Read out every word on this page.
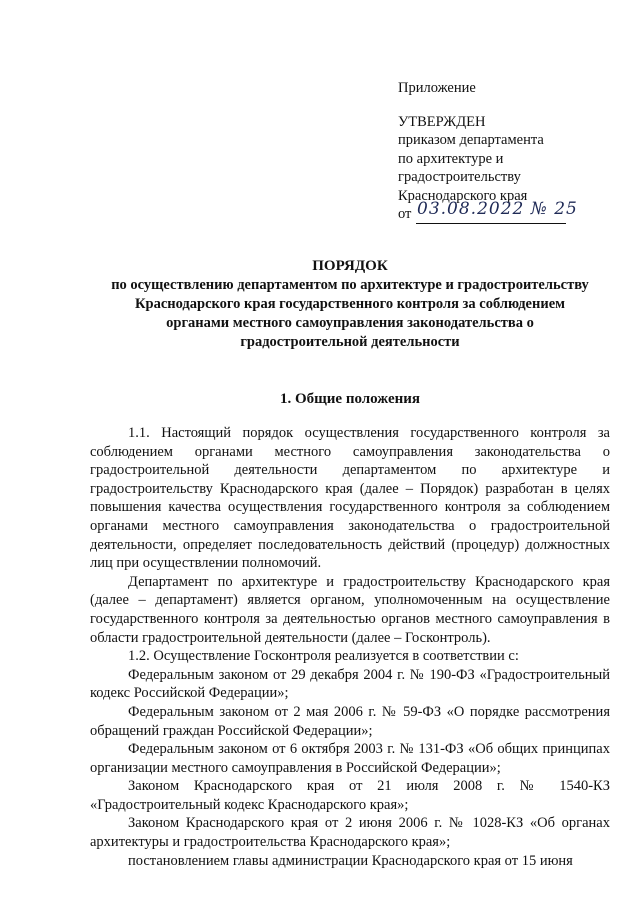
Приложение
УТВЕРЖДЕН
приказом департамента
по архитектуре и
градостроительству
Краснодарского края
от 03.08.2022 № 25
ПОРЯДОК
по осуществлению департаментом по архитектуре и градостроительству
Краснодарского края государственного контроля за соблюдением
органами местного самоуправления законодательства о
градостроительной деятельности
1. Общие положения

1.1. Настоящий порядок осуществления государственного контроля за соблюдением органами местного самоуправления законодательства о градостроительной деятельности департаментом по архитектуре и градостроительству Краснодарского края (далее – Порядок) разработан в целях повышения качества осуществления государственного контроля за соблюдением органами местного самоуправления законодательства о градостроительной деятельности, определяет последовательность действий (процедур) должностных лиц при осуществлении полномочий.

Департамент по архитектуре и градостроительству Краснодарского края (далее – департамент) является органом, уполномоченным на осуществление государственного контроля за деятельностью органов местного самоуправления в области градостроительной деятельности (далее – Госконтроль).

1.2. Осуществление Госконтроля реализуется в соответствии с:

Федеральным законом от 29 декабря 2004 г. № 190-ФЗ «Градостроительный кодекс Российской Федерации»;

Федеральным законом от 2 мая 2006 г. № 59-ФЗ «О порядке рассмотрения обращений граждан Российской Федерации»;

Федеральным законом от 6 октября 2003 г. № 131-ФЗ «Об общих принципах организации местного самоуправления в Российской Федерации»;

Законом Краснодарского края от 21 июля 2008 г. № 1540-КЗ «Градостроительный кодекс Краснодарского края»;

Законом Краснодарского края от 2 июня 2006 г. № 1028-КЗ «Об органах архитектуры и градостроительства Краснодарского края»;

постановлением главы администрации Краснодарского края от 15 июня
